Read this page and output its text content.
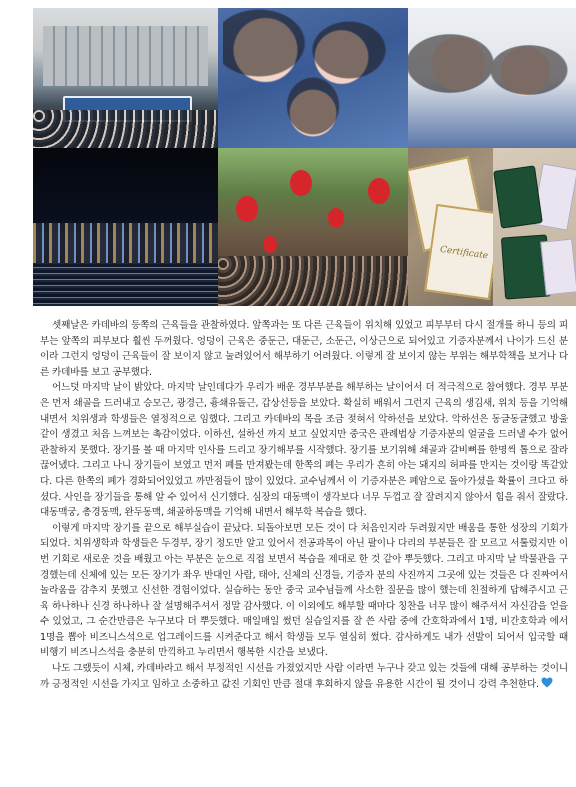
Certificate

셋째날은 카데바의 등쪽의 근육들을 관찰하였다. 앞쪽과는 또 다른 근육들이 위치해 있었고 피부부터 다시 절개를 하니 등의 피부는 앞쪽의 피부보다 훨씬 두꺼웠다. 엉덩이 근육은 중둔근, 대둔근, 소둔근, 이상근으로 되어있고 기증자분께서 나이가 드신 분이라 그런지 엉덩이 근육들이 잘 보이지 않고 눌려있어서 해부하기 어려웠다. 이렇게 잘 보이지 않는 부위는 해부학책을 보거나 다른 카데바를 보고 공부했다.

어느덧 마지막 날이 밝았다. 마지막 날인데다가 우리가 배운 경부부분을 해부하는 날이어서 더 적극적으로 참여했다. 경부 부분은 먼저 쇄골을 드러내고 승모근, 광경근, 흉쇄유돌근, 갑상선등을 보았다. 확실히 배워서 그런지 근육의 생김새, 위치 등을 기억해내면서 치위생과 학생들은 열정적으로 임했다. 그리고 카데바의 목을 조금 젖혀서 악하선을 보았다. 악하선은 동글동글했고 방울같이 생겼고 처음 느껴보는 촉감이었다. 이하선, 설하선 까지 보고 싶었지만 중국은 관례법상 기증자분의 얼굴을 드러낼 수가 없어 관찰하지 못했다. 장기를 볼 때 마지막 인사를 드리고 장기해부를 시작했다. 장기를 보기위해 쇄골과 갈비뼈를 한명씩 톱으로 잘라 끊어냈다. 그리고 나니 장기들이 보였고 먼저 폐를 만져봤는데 한쪽의 폐는 우리가 흔히 아는 돼지의 허파를 만지는 것이랑 똑같았다. 다른 한쪽의 폐가 경화되어있었고 까만점들이 많이 있었다. 교수님께서 이 기증자분은 폐암으로 돌아가셨을 확률이 크다고 하셨다. 사인을 장기들을 통해 알 수 있어서 신기했다. 심장의 대동맥이 생각보다 너무 두껍고 잘 잘려지지 않아서 힘을 줘서 잘랐다. 대동맥궁, 총경동맥, 완두동맥, 쇄골하동맥을 기억해 내면서 해부학 복습을 했다.

이렇게 마지막 장기를 끝으로 해부실습이 끝났다. 되돌아보면 모든 것이 다 처음인지라 두려웠지만 배움을 통한 성장의 기회가 되었다. 치위생학과 학생들은 두경부, 장기 정도만 알고 있어서 전공과목이 아닌 팔이나 다리의 부분들은 잘 모르고 서툴렀지만 이번 기회로 새로운 것을 배웠고 아는 부분은 눈으로 직접 보면서 복습을 제대로 한 것 같아 뿌듯했다. 그리고 마지막 날 박물관을 구경했는데 신체에 있는 모든 장기가 좌우 반대인 사람, 태아, 신체의 신경들, 기증자 분의 사진까지 그곳에 있는 것들은 다 진짜여서 놀라움을 감추지 못했고 신선한 경험이었다. 실습하는 동안 중국 교수님들께 사소한 질문을 많이 했는데 친절하게 답해주시고 근육 하나하나 신경 하나하나 잘 설명해주셔서 정말 감사했다. 이 이외에도 해부할 때마다 칭찬을 너무 많이 해주셔서 자신감을 얻을 수 있었고, 그 순간만큼은 누구보다 더 뿌듯했다. 매일매일 썼던 실습일지를 잘 쓴 사람 중에 간호학과에서 1명, 비간호학과 에서 1명을 뽑아 비즈니스석으로 업그레이드를 시켜준다고 해서 학생들 모두 열심히 썼다. 감사하게도 내가 선발이 되어서 입국할 때 비행기 비즈니스석을 충분히 만끽하고 누리면서 행복한 시간을 보냈다.

나도 그랬듯이 시체, 카데바라고 해서 부정적인 시선을 가졌었지만 사람 이라면 누구나 갖고 있는 것들에 대해 공부하는 것이니까 긍정적인 시선을 가지고 임하고 소중하고 값진 기회인 만큼 절대 후회하지 않을 유용한 시간이 될 것이니 강력 추천한다.
